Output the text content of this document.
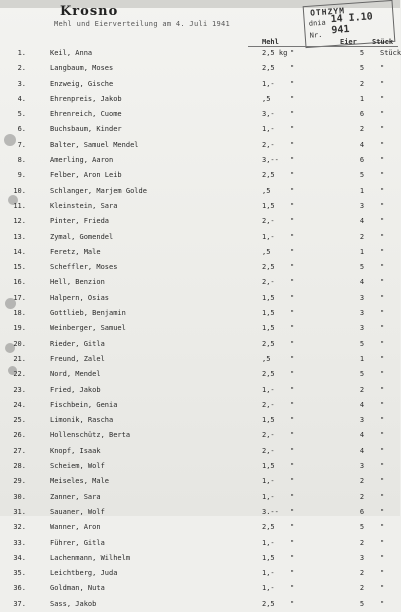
Krosno
Mehl und Eierverteilung am 4. Juli 1941
OTHZYM
dnia 14 I.10 941
Nr.
Mehl	Eier Stück
1.	Keil, Anna	2,5 kg "	5	Stück
2.	Langbaum, Moses	2,5 "	5	"
3.	Enzweig, Gische	1,- "	2	"
4.	Ehrenpreis, Jakob	,5	"	1	"
5.	Ehrenreich, Cuome	3,- "	6	"
6.	Buchsbaum, Kinder	1,- "	2	"
7.	Balter, Samuel Mendel	2,- "	4	"
8.	Amerling, Aaron	3,-- "	6	"
9.	Felber, Aron Leib	2,5 "	5	"
10.	Schlanger, Marjem Golde	,5	"	1	"
11.	Kleinstein, Sara	1,5 "	3	"
12.	Pinter, Frieda	2,- "	4	"
13.	Zymal, Gomendel	1,- "	2	"
14.	Feretz, Male	,5	"	1	"
15.	Scheffler, Moses	2,5 "	5	"
16.	Hell, Benzion	2,- "	4	"
17.	Halpern, Osias	1,5 "	3	"
18.	Gottlieb, Benjamin	1,5 "	3	"
19.	Weinberger, Samuel	1,5 "	3	"
20.	Rieder, Gitla	2,5 "	5	"
21.	Freund, Zalel	,5	"	1	"
22.	Nord, Mendel	2,5 "	5	"
23.	Fried, Jakob	1,- "	2	"
24.	Fischbein, Genia	2,- "	4	"
25.	Limonik, Rascha	1,5 "	3	"
26.	Hollenschütz, Berta	2,- "	4	"
27.	Knopf, Isaak	2,- "	4	"
28.	Scheiem, Wolf	1,5 "	3	"
29.	Meiseles, Male	1,- "	2	"
30.	Zanner, Sara	1,- "	2	"
31.	Sauaner, Wolf	3.-- "	6	"
32.	Wanner, Aron	2,5 "	5	"
33.	Führer, Gitla	1,- "	2	"
34.	Lachenmann, Wilhelm	1,5 "	3	"
35.	Leichtberg, Juda	1,- "	2	"
36.	Goldman, Nuta	1,- "	2	"
37.	Sass, Jakob	2,5 "	5	"
